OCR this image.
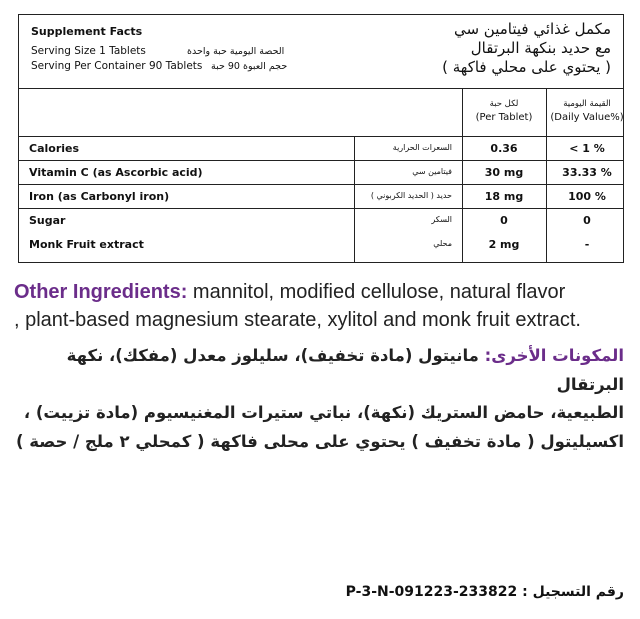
Supplement Facts
Serving Size 1 Tablets
Serving Per Container 90 Tablets
الحصة اليومية حبة واحدة
حجم العبوة 90 حبة
مكمل غذائي فيتامين سي
مع حديد بنكهة البرتقال
( يحتوي على محلي فاكهة )
لكل حبة
(Per Tablet)
القيمة اليومية
(Daily Value%)
Calories	السعرات الحرارية	0.36	< 1 %
Vitamin C (as Ascorbic acid)	فيتامين سي	30 mg	33.33 %
Iron (as Carbonyl iron)	حديد ( الحديد الكربوني )	18 mg	100 %
Sugar	السكر	0	0
Monk Fruit extract	محلي	2 mg	-
Other Ingredients: mannitol, modified cellulose, natural flavor
, plant-based magnesium stearate, xylitol and monk fruit extract.
المكونات الأخرى: مانيتول (مادة تخفيف)، سليلوز معدل (مفكك)، نكهة البرتقال
الطبيعية، حامض الستريك (نكهة)، نباتي ستيرات المغنيسيوم (مادة تزييت) ،
اكسيليتول ( مادة تخفيف ) يحتوي على محلى فاكهة ( كمحلي ٢ ملج / حصة )
رقم التسجيل : P-3-N-091223-233822
